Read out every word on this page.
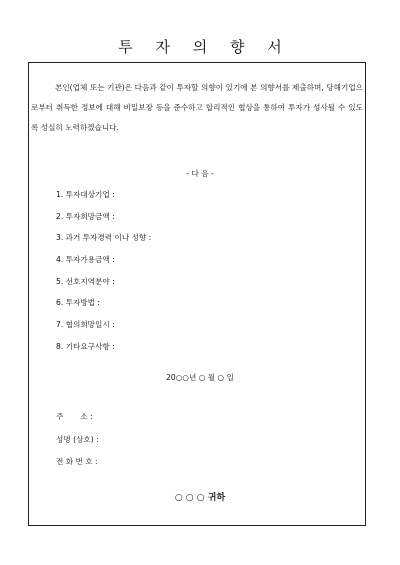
투 자 의 향 서

본인(업체 또는 기관)은 다음과 같이 투자할 의향이 있기에 본 의향서를 제출하며, 당해기업으로부터 취득한 정보에 대해 비밀보장 등을 준수하고 합리적인 협상을 통하여 투자가 성사될 수 있도록 성실히 노력하겠습니다.

- 다 음 -
1. 투자대상기업 :
2. 투자희망금액 :
3. 과거 투자경력 이나 성향 :
4. 투자가용금액 :
5. 선호지역분야 :
6. 투자방법 :
7. 협의희망일시 :
8. 기타요구사항 :
20○○년 ○ 월 ○ 일
주       소 :
성명 (상호) :
전 화 번 호 :
○ ○ ○ 귀하
